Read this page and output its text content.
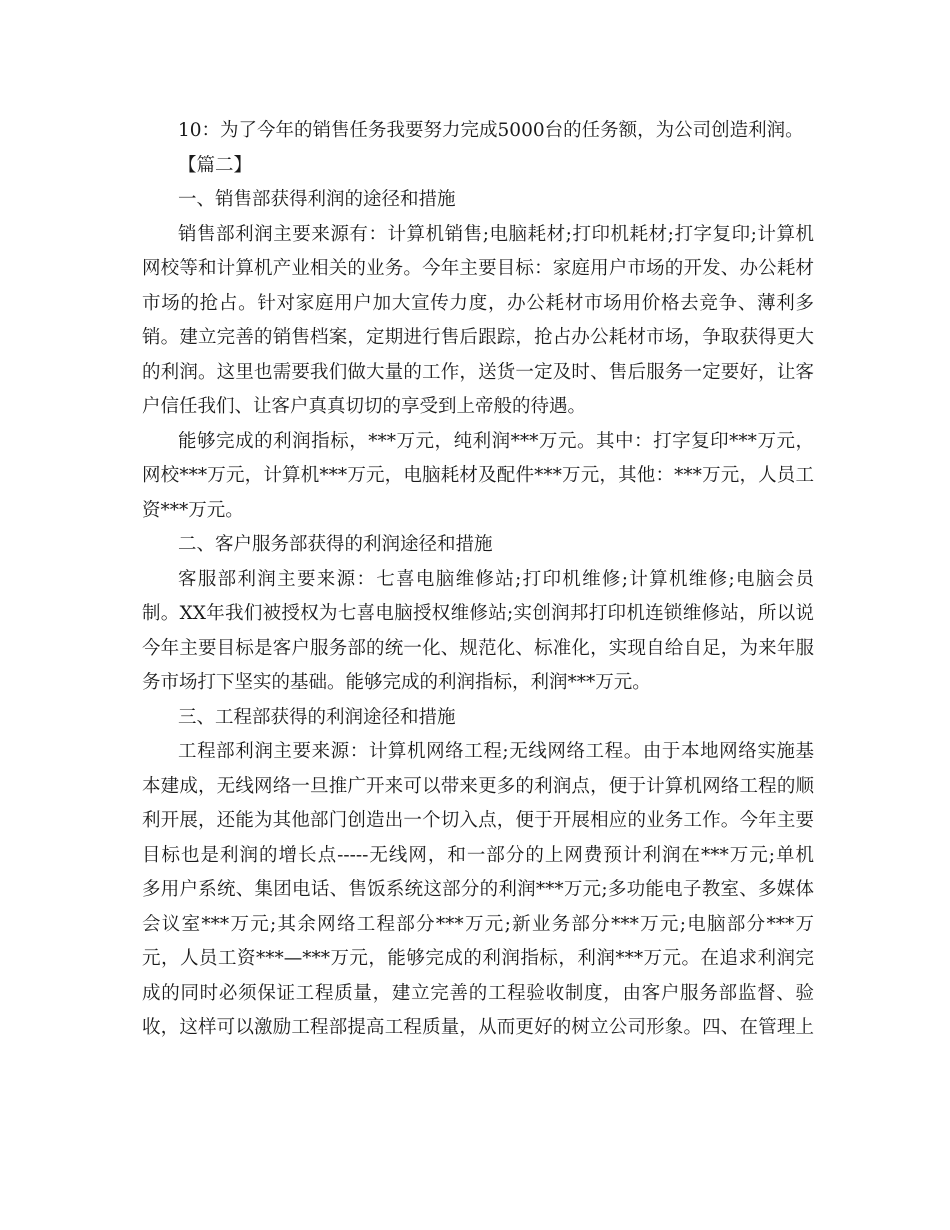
10：为了今年的销售任务我要努力完成5000台的任务额，为公司创造利润。
【篇二】
一、销售部获得利润的途径和措施
销售部利润主要来源有：计算机销售;电脑耗材;打印机耗材;打字复印;计算机
网校等和计算机产业相关的业务。今年主要目标：家庭用户市场的开发、办公耗材
市场的抢占。针对家庭用户加大宣传力度，办公耗材市场用价格去竞争、薄利多
销。建立完善的销售档案，定期进行售后跟踪，抢占办公耗材市场，争取获得更大
的利润。这里也需要我们做大量的工作，送货一定及时、售后服务一定要好，让客
户信任我们、让客户真真切切的享受到上帝般的待遇。
能够完成的利润指标，***万元，纯利润***万元。其中：打字复印***万元，
网校***万元，计算机***万元，电脑耗材及配件***万元，其他：***万元，人员工
资***万元。
二、客户服务部获得的利润途径和措施
客服部利润主要来源：七喜电脑维修站;打印机维修;计算机维修;电脑会员
制。XX年我们被授权为七喜电脑授权维修站;实创润邦打印机连锁维修站，所以说
今年主要目标是客户服务部的统一化、规范化、标准化，实现自给自足，为来年服
务市场打下坚实的基础。能够完成的利润指标，利润***万元。
三、工程部获得的利润途径和措施
工程部利润主要来源：计算机网络工程;无线网络工程。由于本地网络实施基
本建成，无线网络一旦推广开来可以带来更多的利润点，便于计算机网络工程的顺
利开展，还能为其他部门创造出一个切入点，便于开展相应的业务工作。今年主要
目标也是利润的增长点-----无线网，和一部分的上网费预计利润在***万元;单机
多用户系统、集团电话、售饭系统这部分的利润***万元;多功能电子教室、多媒体
会议室***万元;其余网络工程部分***万元;新业务部分***万元;电脑部分***万
元，人员工资***—***万元，能够完成的利润指标，利润***万元。在追求利润完
成的同时必须保证工程质量，建立完善的工程验收制度，由客户服务部监督、验
收，这样可以激励工程部提高工程质量，从而更好的树立公司形象。四、在管理上
